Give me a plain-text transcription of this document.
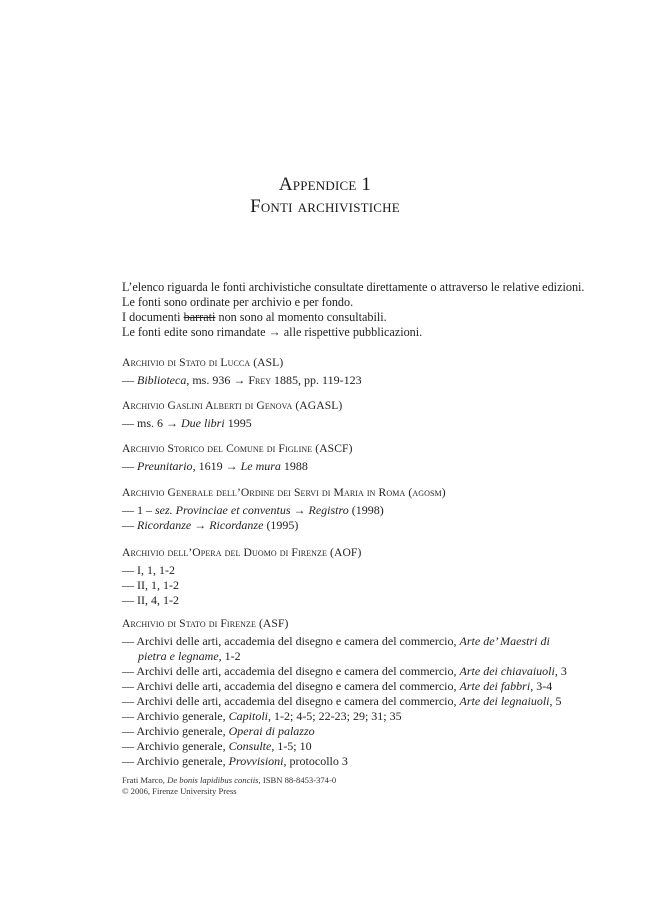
Appendice 1
Fonti archivistiche
L’elenco riguarda le fonti archivistiche consultate direttamente o attraverso le relative edizioni.
Le fonti sono ordinate per archivio e per fondo.
I documenti barrati non sono al momento consultabili.
Le fonti edite sono rimandate → alle rispettive pubblicazioni.
Archivio di Stato di Lucca (ASL)
— Biblioteca, ms. 936 → Frey 1885, pp. 119-123
Archivio Gaslini Alberti di Genova (AGASL)
— ms. 6 → Due libri 1995
Archivio Storico del Comune di Figline (ASCF)
— Preunitario, 1619 → Le mura 1988
Archivio Generale dell’Ordine dei Servi di Maria in Roma (agosm)
— 1 – sez. Provinciae et conventus → Registro (1998)
— Ricordanze → Ricordanze (1995)
Archivio dell’Opera del Duomo di Firenze (AOF)
— I, 1, 1-2
— II, 1, 1-2
— II, 4, 1-2
Archivio di Stato di Firenze (ASF)
— Archivi delle arti, accademia del disegno e camera del commercio, Arte de’ Maestri di pietra e legname, 1-2
— Archivi delle arti, accademia del disegno e camera del commercio, Arte dei chiavaiuoli, 3
— Archivi delle arti, accademia del disegno e camera del commercio, Arte dei fabbri, 3-4
— Archivi delle arti, accademia del disegno e camera del commercio, Arte dei legnaiuoli, 5
— Archivio generale, Capitoli, 1-2; 4-5; 22-23; 29; 31; 35
— Archivio generale, Operai di palazzo
— Archivio generale, Consulte, 1-5; 10
— Archivio generale, Provvisioni, protocollo 3
Frati Marco, De bonis lapidibus conciis, ISBN 88-8453-374-0
© 2006, Firenze University Press
